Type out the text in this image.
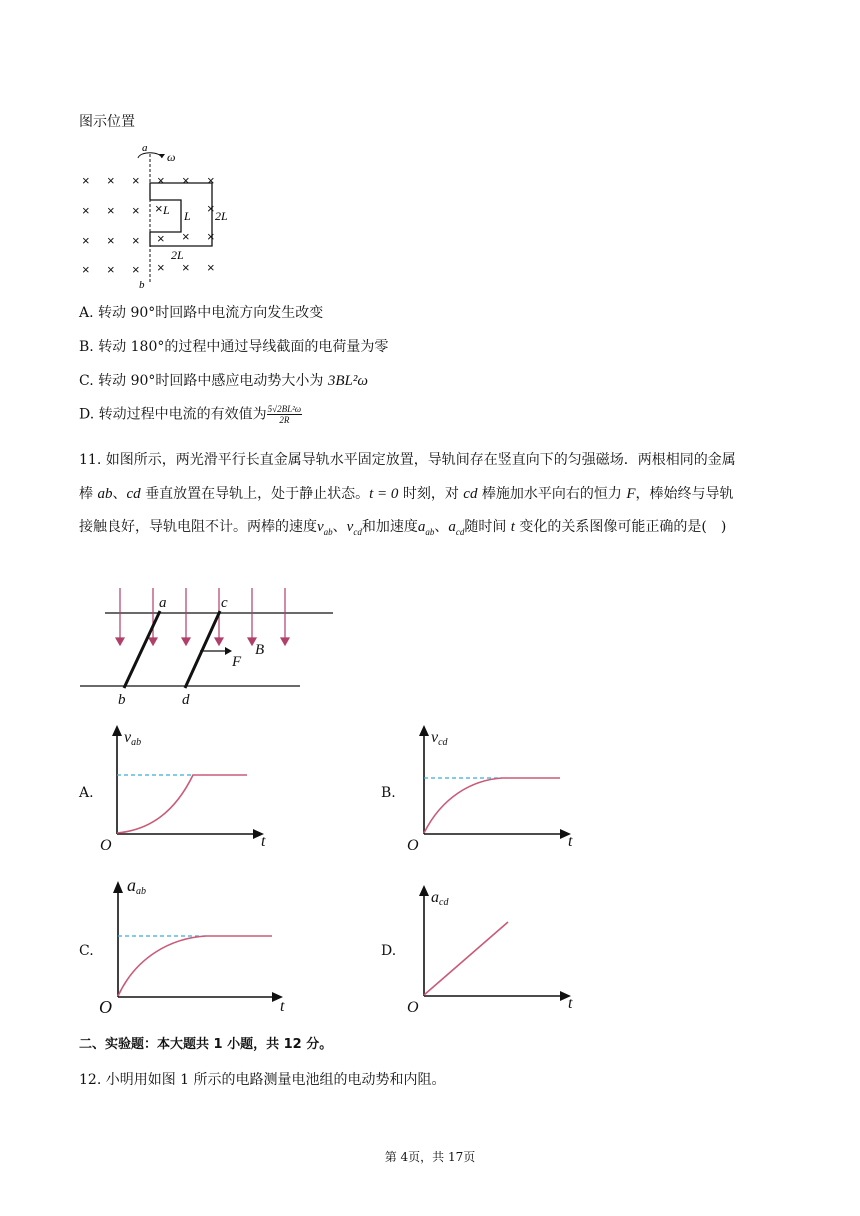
图示位置
× × × × × ×
× × × ×	×
× × × × × ×
× × × × × ×
a
ω
L L 2L
2L
b
A. 转动 90°时回路中电流方向发生改变
B. 转动 180°的过程中通过导线截面的电荷量为零
C. 转动 90°时回路中感应电动势大小为 3BL²ω
D. 转动过程中电流的有效值为 $\frac{\text{5√2BL²ω}}{2R}$
11. 如图所示，两光滑平行长直金属导轨水平固定放置，导轨间存在竖直向下的匀强磁场．两根相同的金属
棒 ab、cd 垂直放置在导轨上，处于静止状态。t = 0 时刻，对 cd 棒施加水平向右的恒力 F，棒始终与导轨
接触良好，导轨电阻不计。两棒的速度$v_{ab}$、$v_{cd}$和加速度$a_{ab}$、$a_{cd}$随时间 t 变化的关系图像可能正确的是(　)
a	c
B
F
b	d
A.
vab
O	t
B.
vcd
O	t
C.
aab
O	t
D.
acd
O	t
二、实验题：本大题共 1 小题，共 12 分。
12. 小明用如图 1 所示的电路测量电池组的电动势和内阻。
第 4页，共 17页
